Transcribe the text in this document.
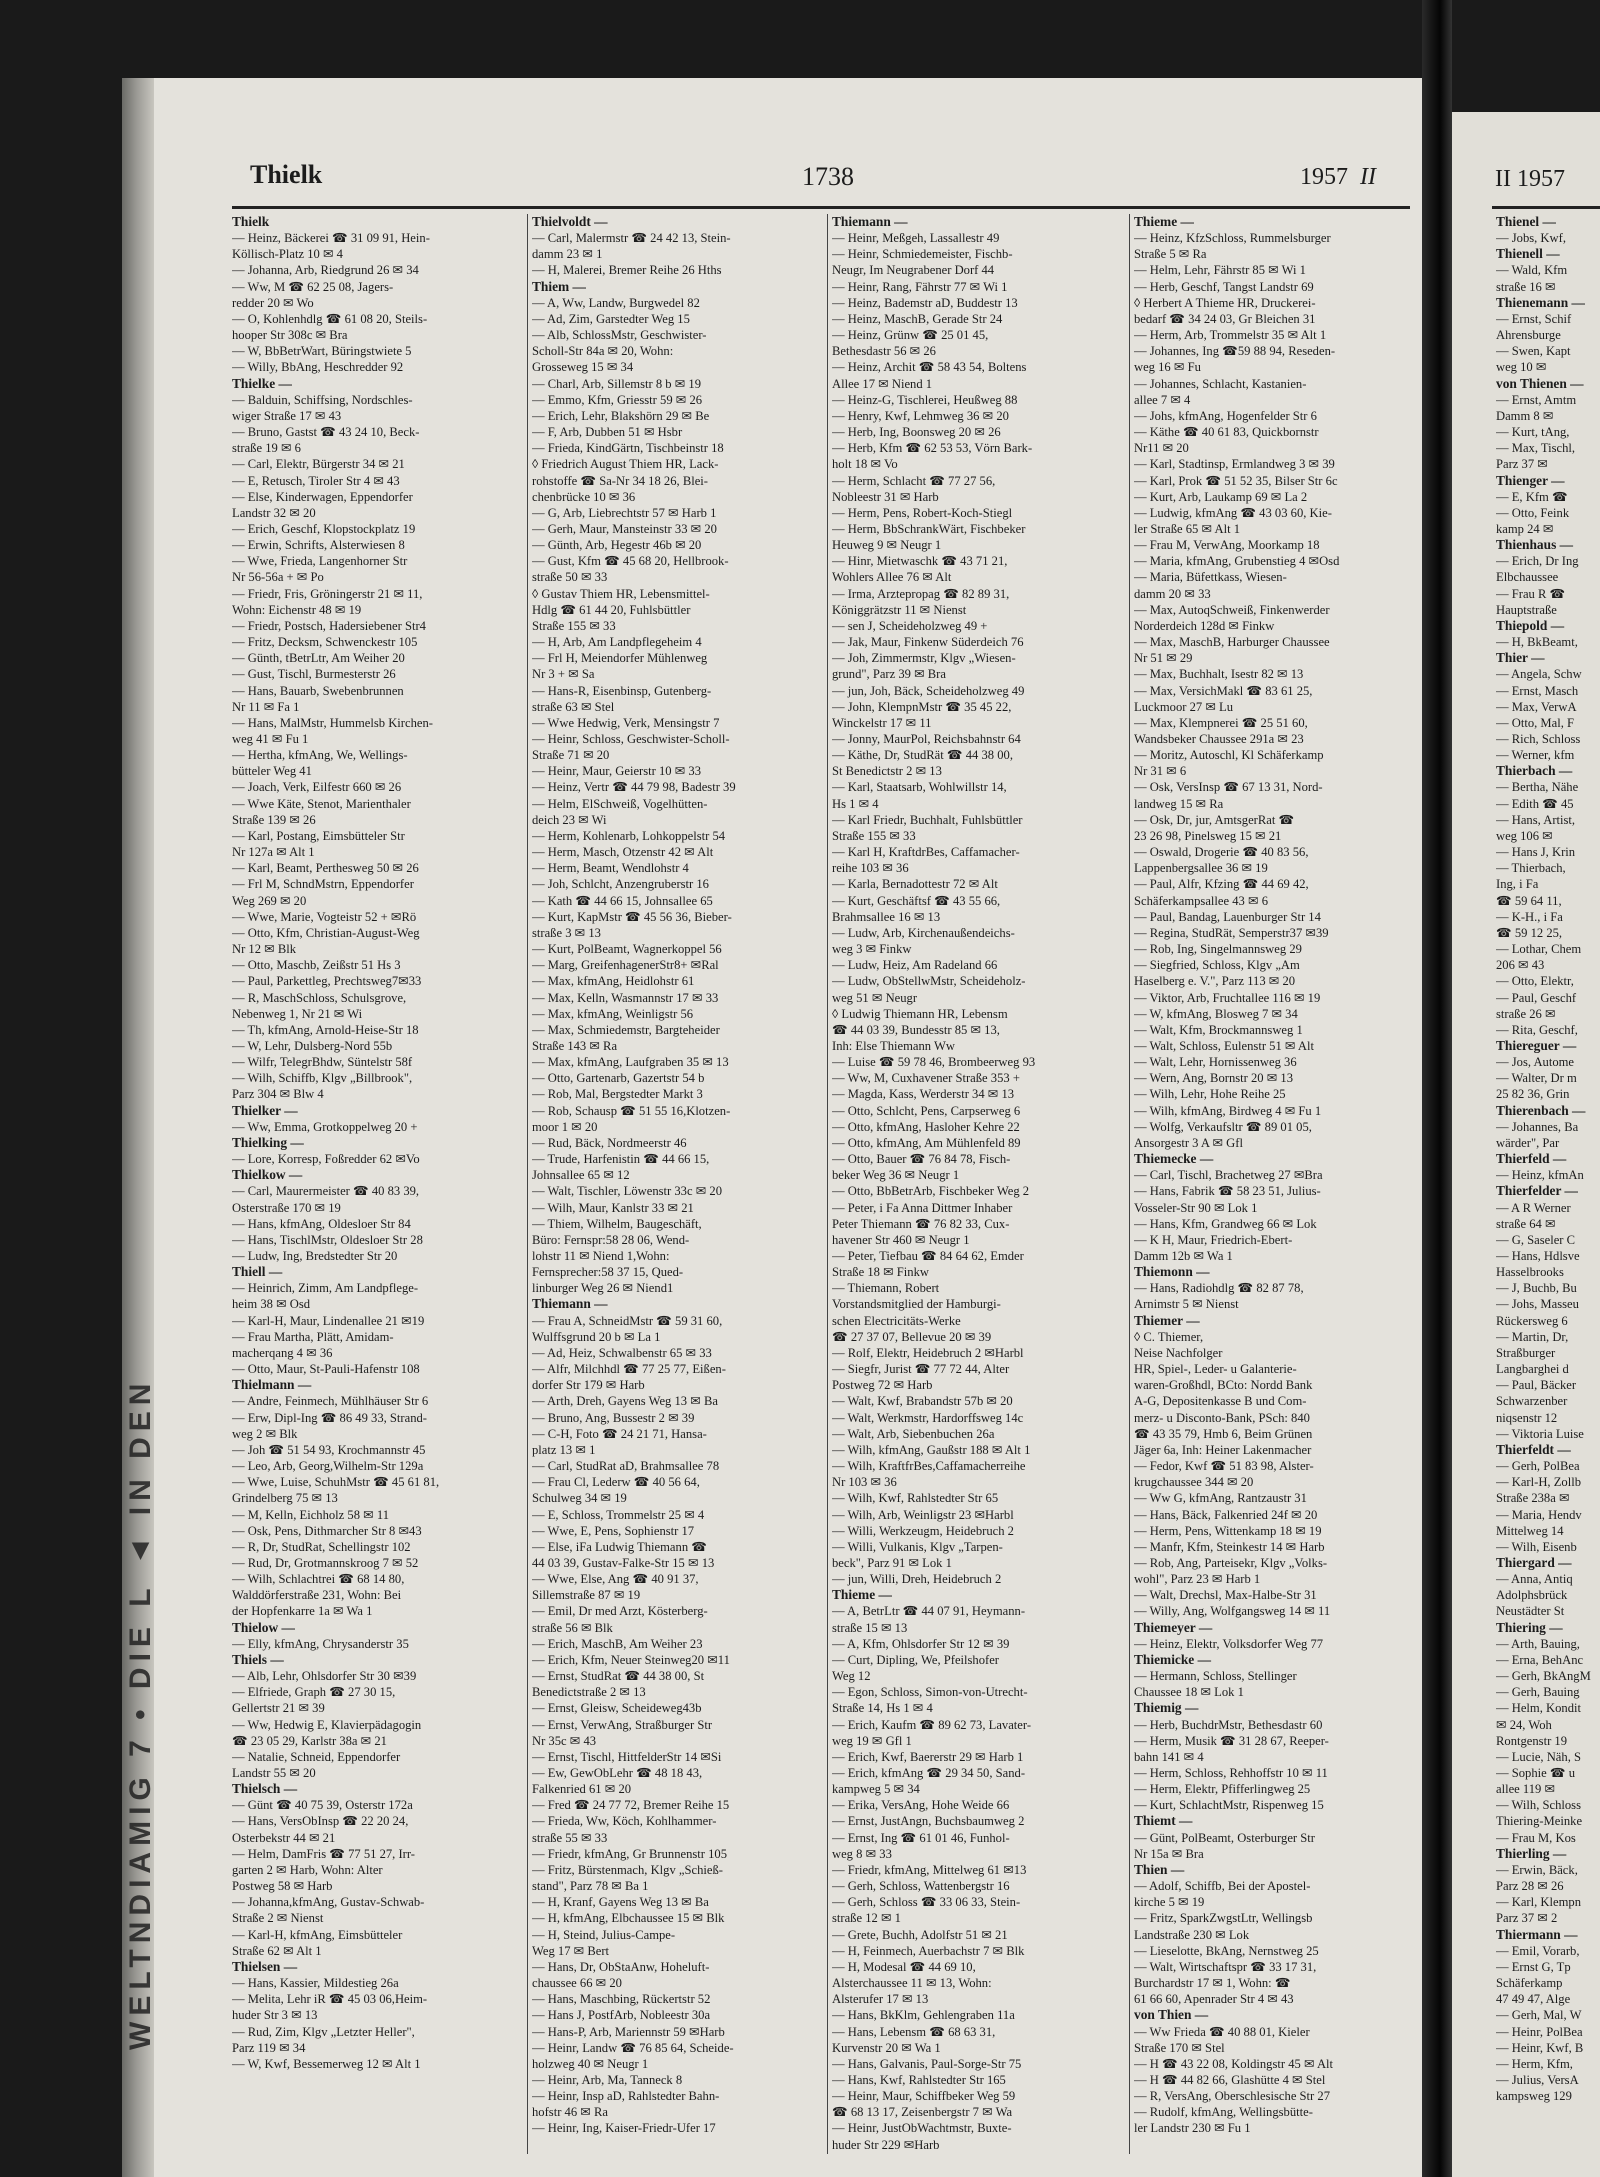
WELTNDIAMIG 7 • DIE L ▲ IN DEN
Thielk	1738	1957 II
Thielk
— Heinz, Bäckerei ☎ 31 09 91, Hein-
Köllisch-Platz 10 ✉ 4
— Johanna, Arb, Riedgrund 26 ✉ 34
— Ww, M ☎ 62 25 08, Jagers-
redder 20 ✉ Wo
— O, Kohlenhdlg ☎ 61 08 20, Steils-
hooper Str 308c ✉ Bra
— W, BbBetrWart, Büringstwiete 5
— Willy, BbAng, Heschredder 92
Thielke —
— Balduin, Schiffsing, Nordschles-
wiger Straße 17 ✉ 43
— Bruno, Gastst ☎ 43 24 10, Beck-
straße 19 ✉ 6
— Carl, Elektr, Bürgerstr 34 ✉ 21
— E, Retusch, Tiroler Str 4 ✉ 43
— Else, Kinderwagen, Eppendorfer
Landstr 32 ✉ 20
— Erich, Geschf, Klopstockplatz 19
— Erwin, Schrifts, Alsterwiesen 8
— Wwe, Frieda, Langenhorner Str
Nr 56-56a + ✉ Po
— Friedr, Fris, Gröningerstr 21 ✉ 11,
Wohn: Eichenstr 48 ✉ 19
— Friedr, Postsch, Hadersiebener Str4
— Fritz, Decksm, Schwenckestr 105
— Günth, tBetrLtr, Am Weiher 20
— Gust, Tischl, Burmesterstr 26
— Hans, Bauarb, Swebenbrunnen
Nr 11 ✉ Fa 1
— Hans, MalMstr, Hummelsb Kirchen-
weg 41 ✉ Fu 1
— Hertha, kfmAng, We, Wellings-
bütteler Weg 41
— Joach, Verk, Eilfestr 660 ✉ 26
— Wwe Käte, Stenot, Marienthaler
Straße 139 ✉ 26
— Karl, Postang, Eimsbütteler Str
Nr 127a ✉ Alt 1
— Karl, Beamt, Perthesweg 50 ✉ 26
— Frl M, SchndMstrn, Eppendorfer
Weg 269 ✉ 20
— Wwe, Marie, Vogteistr 52 + ✉Rö
— Otto, Kfm, Christian-August-Weg
Nr 12 ✉ Blk
— Otto, Maschb, Zeißstr 51 Hs 3
— Paul, Parkettleg, Prechtsweg7✉33
— R, MaschSchloss, Schulsgrove,
Nebenweg 1, Nr 21 ✉ Wi
— Th, kfmAng, Arnold-Heise-Str 18
— W, Lehr, Dulsberg-Nord 55b
— Wilfr, TelegrBhdw, Süntelstr 58f
— Wilh, Schiffb, Klgv „Billbrook",
Parz 304 ✉ Blw 4
Thielker —
— Ww, Emma, Grotkoppelweg 20 +
Thielking —
— Lore, Korresp, Foßredder 62 ✉Vo
Thielkow —
— Carl, Maurermeister ☎ 40 83 39,
Osterstraße 170 ✉ 19
— Hans, kfmAng, Oldesloer Str 84
— Hans, TischlMstr, Oldesloer Str 28
— Ludw, Ing, Bredstedter Str 20
Thiell —
— Heinrich, Zimm, Am Landpflege-
heim 38 ✉ Osd
— Karl-H, Maur, Lindenallee 21 ✉19
— Frau Martha, Plätt, Amidam-
macherqang 4 ✉ 36
— Otto, Maur, St-Pauli-Hafenstr 108
Thielmann —
— Andre, Feinmech, Mühlhäuser Str 6
— Erw, Dipl-Ing ☎ 86 49 33, Strand-
weg 2 ✉ Blk
— Joh ☎ 51 54 93, Krochmannstr 45
— Leo, Arb, Georg,Wilhelm-Str 129a
— Wwe, Luise, SchuhMstr ☎ 45 61 81,
Grindelberg 75 ✉ 13
— M, Kelln, Eichholz 58 ✉ 11
— Osk, Pens, Dithmarcher Str 8 ✉43
— R, Dr, StudRat, Schellingstr 102
— Rud, Dr, Grotmannskroog 7 ✉ 52
— Wilh, Schlachtrei ☎ 68 14 80,
Walddörferstraße 231, Wohn: Bei
der Hopfenkarre 1a ✉ Wa 1
Thielow —
— Elly, kfmAng, Chrysanderstr 35
Thiels —
— Alb, Lehr, Ohlsdorfer Str 30 ✉39
— Elfriede, Graph ☎ 27 30 15,
Gellertstr 21 ✉ 39
— Ww, Hedwig E, Klavierpädagogin
☎ 23 05 29, Karlstr 38a ✉ 21
— Natalie, Schneid, Eppendorfer
Landstr 55 ✉ 20
Thielsch —
— Günt ☎ 40 75 39, Osterstr 172a
— Hans, VersObInsp ☎ 22 20 24,
Osterbekstr 44 ✉ 21
— Helm, DamFris ☎ 77 51 27, Irr-
garten 2 ✉ Harb, Wohn: Alter
Postweg 58 ✉ Harb
— Johanna,kfmAng, Gustav-Schwab-
Straße 2 ✉ Nienst
— Karl-H, kfmAng, Eimsbütteler
Straße 62 ✉ Alt 1
Thielsen —
— Hans, Kassier, Mildestieg 26a
— Melita, Lehr iR ☎ 45 03 06,Heim-
huder Str 3 ✉ 13
— Rud, Zim, Klgv „Letzter Heller",
Parz 119 ✉ 34
— W, Kwf, Bessemerweg 12 ✉ Alt 1
Thielvoldt —
— Carl, Malermstr ☎ 24 42 13, Stein-
damm 23 ✉ 1
— H, Malerei, Bremer Reihe 26 Hths
Thiem —
— A, Ww, Landw, Burgwedel 82
— Ad, Zim, Garstedter Weg 15
— Alb, SchlossMstr, Geschwister-
Scholl-Str 84a ✉ 20, Wohn:
Grosseweg 15 ✉ 34
— Charl, Arb, Sillemstr 8 b ✉ 19
— Emmo, Kfm, Griesstr 59 ✉ 26
— Erich, Lehr, Blakshörn 29 ✉ Be
— F, Arb, Dubben 51 ✉ Hsbr
— Frieda, KindGärtn, Tischbeinstr 18
◊ Friedrich August Thiem HR, Lack-
rohstoffe ☎ Sa-Nr 34 18 26, Blei-
chenbrücke 10 ✉ 36
— G, Arb, Liebrechtstr 57 ✉ Harb 1
— Gerh, Maur, Mansteinstr 33 ✉ 20
— Günth, Arb, Hegestr 46b ✉ 20
— Gust, Kfm ☎ 45 68 20, Hellbrook-
straße 50 ✉ 33
◊ Gustav Thiem HR, Lebensmittel-
Hdlg ☎ 61 44 20, Fuhlsbüttler
Straße 155 ✉ 33
— H, Arb, Am Landpflegeheim 4
— Frl H, Meiendorfer Mühlenweg
Nr 3 + ✉ Sa
— Hans-R, Eisenbinsp, Gutenberg-
straße 63 ✉ Stel
— Wwe Hedwig, Verk, Mensingstr 7
— Heinr, Schloss, Geschwister-Scholl-
Straße 71 ✉ 20
— Heinr, Maur, Geierstr 10 ✉ 33
— Heinz, Vertr ☎ 44 79 98, Badestr 39
— Helm, ElSchweiß, Vogelhütten-
deich 23 ✉ Wi
— Herm, Kohlenarb, Lohkoppelstr 54
— Herm, Masch, Otzenstr 42 ✉ Alt
— Herm, Beamt, Wendlohstr 4
— Joh, Schlcht, Anzengruberstr 16
— Kath ☎ 44 66 15, Johnsallee 65
— Kurt, KapMstr ☎ 45 56 36, Bieber-
straße 3 ✉ 13
— Kurt, PolBeamt, Wagnerkoppel 56
— Marg, GreifenhagenerStr8+ ✉Ral
— Max, kfmAng, Heidlohstr 61
— Max, Kelln, Wasmannstr 17 ✉ 33
— Max, kfmAng, Weinligstr 56
— Max, Schmiedemstr, Bargteheider
Straße 143 ✉ Ra
— Max, kfmAng, Laufgraben 35 ✉ 13
— Otto, Gartenarb, Gazertstr 54 b
— Rob, Mal, Bergstedter Markt 3
— Rob, Schausp ☎ 51 55 16,Klotzen-
moor 1 ✉ 20
— Rud, Bäck, Nordmeerstr 46
— Trude, Harfenistin ☎ 44 66 15,
Johnsallee 65 ✉ 12
— Walt, Tischler, Löwenstr 33c ✉ 20
— Wilh, Maur, Kanlstr 33 ✉ 21
— Thiem, Wilhelm, Baugeschäft,
Büro: Fernspr:58 28 06, Wend-
lohstr 11 ✉ Niend 1,Wohn:
Fernsprecher:58 37 15, Qued-
linburger Weg 26 ✉ Niend1
Thiemann —
— Frau A, SchneidMstr ☎ 59 31 60,
Wulffsgrund 20 b ✉ La 1
— Ad, Heiz, Schwalbenstr 65 ✉ 33
— Alfr, Milchhdl ☎ 77 25 77, Eißen-
dorfer Str 179 ✉ Harb
— Arth, Dreh, Gayens Weg 13 ✉ Ba
— Bruno, Ang, Bussestr 2 ✉ 39
— C-H, Foto ☎ 24 21 71, Hansa-
platz 13 ✉ 1
— Carl, StudRat aD, Brahmsallee 78
— Frau Cl, Lederw ☎ 40 56 64,
Schulweg 34 ✉ 19
— E, Schloss, Trommelstr 25 ✉ 4
— Wwe, E, Pens, Sophienstr 17
— Else, iFa Ludwig Thiemann ☎
44 03 39, Gustav-Falke-Str 15 ✉ 13
— Wwe, Else, Ang ☎ 40 91 37,
Sillemstraße 87 ✉ 19
— Emil, Dr med Arzt, Kösterberg-
straße 56 ✉ Blk
— Erich, MaschB, Am Weiher 23
— Erich, Kfm, Neuer Steinweg20 ✉11
— Ernst, StudRat ☎ 44 38 00, St
Benedictstraße 2 ✉ 13
— Ernst, Gleisw, Scheideweg43b
— Ernst, VerwAng, Straßburger Str
Nr 35c ✉ 43
— Ernst, Tischl, HittfelderStr 14 ✉Si
— Ew, GewObLehr ☎ 48 18 43,
Falkenried 61 ✉ 20
— Fred ☎ 24 77 72, Bremer Reihe 15
— Frieda, Ww, Köch, Kohlhammer-
straße 55 ✉ 33
— Friedr, kfmAng, Gr Brunnenstr 105
— Fritz, Bürstenmach, Klgv „Schieß-
stand", Parz 78 ✉ Ba 1
— H, Kranf, Gayens Weg 13 ✉ Ba
— H, kfmAng, Elbchaussee 15 ✉ Blk
— H, Steind, Julius-Campe-
Weg 17 ✉ Bert
— Hans, Dr, ObStaAnw, Hoheluft-
chaussee 66 ✉ 20
— Hans, Maschbing, Rückertstr 52
— Hans J, PostfArb, Nobleestr 30a
— Hans-P, Arb, Mariennstr 59 ✉Harb
— Heinr, Landw ☎ 76 85 64, Scheide-
holzweg 40 ✉ Neugr 1
— Heinr, Arb, Ma, Tanneck 8
— Heinr, Insp aD, Rahlstedter Bahn-
hofstr 46 ✉ Ra
— Heinr, Ing, Kaiser-Friedr-Ufer 17
Thiemann —
— Heinr, Meßgeh, Lassallestr 49
— Heinr, Schmiedemeister, Fischb-
Neugr, Im Neugrabener Dorf 44
— Heinr, Rang, Fährstr 77 ✉ Wi 1
— Heinz, Bademstr aD, Buddestr 13
— Heinz, MaschB, Gerade Str 24
— Heinz, Grünw ☎ 25 01 45,
Bethesdastr 56 ✉ 26
— Heinz, Archit ☎ 58 43 54, Boltens
Allee 17 ✉ Niend 1
— Heinz-G, Tischlerei, Heußweg 88
— Henry, Kwf, Lehmweg 36 ✉ 20
— Herb, Ing, Boonsweg 20 ✉ 26
— Herb, Kfm ☎ 62 53 53, Vörn Bark-
holt 18 ✉ Vo
— Herm, Schlacht ☎ 77 27 56,
Nobleestr 31 ✉ Harb
— Herm, Pens, Robert-Koch-Stiegl
— Herm, BbSchrankWärt, Fischbeker
Heuweg 9 ✉ Neugr 1
— Hinr, Mietwaschk ☎ 43 71 21,
Wohlers Allee 76 ✉ Alt
— Irma, Arztepropag ☎ 82 89 31,
Königgrätzstr 11 ✉ Nienst
— sen J, Scheideholzweg 49 +
— Jak, Maur, Finkenw Süderdeich 76
— Joh, Zimmermstr, Klgv „Wiesen-
grund", Parz 39 ✉ Bra
— jun, Joh, Bäck, Scheideholzweg 49
— John, KlempnMstr ☎ 35 45 22,
Winckelstr 17 ✉ 11
— Jonny, MaurPol, Reichsbahnstr 64
— Käthe, Dr, StudRät ☎ 44 38 00,
St Benedictstr 2 ✉ 13
— Karl, Staatsarb, Wohlwillstr 14,
Hs 1 ✉ 4
— Karl Friedr, Buchhalt, Fuhlsbüttler
Straße 155 ✉ 33
— Karl H, KraftdrBes, Caffamacher-
reihe 103 ✉ 36
— Karla, Bernadottestr 72 ✉ Alt
— Kurt, Geschäftsf ☎ 43 55 66,
Brahmsallee 16 ✉ 13
— Ludw, Arb, Kirchenaußendeichs-
weg 3 ✉ Finkw
— Ludw, Heiz, Am Radeland 66
— Ludw, ObStellwMstr, Scheideholz-
weg 51 ✉ Neugr
◊ Ludwig Thiemann HR, Lebensm
☎ 44 03 39, Bundesstr 85 ✉ 13,
Inh: Else Thiemann Ww
— Luise ☎ 59 78 46, Brombeerweg 93
— Ww, M, Cuxhavener Straße 353 +
— Magda, Kass, Werderstr 34 ✉ 13
— Otto, Schlcht, Pens, Carpserweg 6
— Otto, kfmAng, Hasloher Kehre 22
— Otto, kfmAng, Am Mühlenfeld 89
— Otto, Bauer ☎ 76 84 78, Fisch-
beker Weg 36 ✉ Neugr 1
— Otto, BbBetrArb, Fischbeker Weg 2
— Peter, i Fa Anna Dittmer Inhaber
Peter Thiemann ☎ 76 82 33, Cux-
havener Str 460 ✉ Neugr 1
— Peter, Tiefbau ☎ 84 64 62, Emder
Straße 18 ✉ Finkw
— Thiemann, Robert
Vorstandsmitglied der Hamburgi-
schen Electricitäts-Werke
☎ 27 37 07, Bellevue 20 ✉ 39
— Rolf, Elektr, Heidebruch 2 ✉Harbl
— Siegfr, Jurist ☎ 77 72 44, Alter
Postweg 72 ✉ Harb
— Walt, Kwf, Brabandstr 57b ✉ 20
— Walt, Werkmstr, Hardorffsweg 14c
— Walt, Arb, Siebenbuchen 26a
— Wilh, kfmAng, Gaußstr 188 ✉ Alt 1
— Wilh, KraftfrBes,Caffamacherreihe
Nr 103 ✉ 36
— Wilh, Kwf, Rahlstedter Str 65
— Wilh, Arb, Weinligstr 23 ✉Harbl
— Willi, Werkzeugm, Heidebruch 2
— Willi, Vulkanis, Klgv „Tarpen-
beck", Parz 91 ✉ Lok 1
— jun, Willi, Dreh, Heidebruch 2
Thieme —
— A, BetrLtr ☎ 44 07 91, Heymann-
straße 15 ✉ 13
— A, Kfm, Ohlsdorfer Str 12 ✉ 39
— Curt, Dipling, We, Pfeilshofer
Weg 12
— Egon, Schloss, Simon-von-Utrecht-
Straße 14, Hs 1 ✉ 4
— Erich, Kaufm ☎ 89 62 73, Lavater-
weg 19 ✉ Gfl 1
— Erich, Kwf, Baererstr 29 ✉ Harb 1
— Erich, kfmAng ☎ 29 34 50, Sand-
kampweg 5 ✉ 34
— Erika, VersAng, Hohe Weide 66
— Ernst, JustAngn, Buchsbaumweg 2
— Ernst, Ing ☎ 61 01 46, Funhol-
weg 8 ✉ 33
— Friedr, kfmAng, Mittelweg 61 ✉13
— Gerh, Schloss, Wattenbergstr 16
— Gerh, Schloss ☎ 33 06 33, Stein-
straße 12 ✉ 1
— Grete, Buchh, Adolfstr 51 ✉ 21
— H, Feinmech, Auerbachstr 7 ✉ Blk
— H, Modesal ☎ 44 69 10,
Alsterchaussee 11 ✉ 13, Wohn:
Alsterufer 17 ✉ 13
— Hans, BkKlm, Gehlengraben 11a
— Hans, Lebensm ☎ 68 63 31,
Kurvenstr 20 ✉ Wa 1
— Hans, Galvanis, Paul-Sorge-Str 75
— Hans, Kwf, Rahlstedter Str 165
— Heinr, Maur, Schiffbeker Weg 59
☎ 68 13 17, Zeisenbergstr 7 ✉ Wa
— Heinr, JustObWachtmstr, Buxte-
huder Str 229 ✉Harb
Thieme —
— Heinz, KfzSchloss, Rummelsburger
Straße 5 ✉ Ra
— Helm, Lehr, Fährstr 85 ✉ Wi 1
— Herb, Geschf, Tangst Landstr 69
◊ Herbert A Thieme HR, Druckerei-
bedarf ☎ 34 24 03, Gr Bleichen 31
— Herm, Arb, Trommelstr 35 ✉ Alt 1
— Johannes, Ing ☎59 88 94, Reseden-
weg 16 ✉ Fu
— Johannes, Schlacht, Kastanien-
allee 7 ✉ 4
— Johs, kfmAng, Hogenfelder Str 6
— Käthe ☎ 40 61 83, Quickbornstr
Nr11 ✉ 20
— Karl, Stadtinsp, Ermlandweg 3 ✉ 39
— Karl, Prok ☎ 51 52 35, Bilser Str 6c
— Kurt, Arb, Laukamp 69 ✉ La 2
— Ludwig, kfmAng ☎ 43 03 60, Kie-
ler Straße 65 ✉ Alt 1
— Frau M, VerwAng, Moorkamp 18
— Maria, kfmAng, Grubenstieg 4 ✉Osd
— Maria, Büfettkass, Wiesen-
damm 20 ✉ 33
— Max, AutoqSchweiß, Finkenwerder
Norderdeich 128d ✉ Finkw
— Max, MaschB, Harburger Chaussee
Nr 51 ✉ 29
— Max, Buchhalt, Isestr 82 ✉ 13
— Max, VersichMakl ☎ 83 61 25,
Luckmoor 27 ✉ Lu
— Max, Klempnerei ☎ 25 51 60,
Wandsbeker Chaussee 291a ✉ 23
— Moritz, Autoschl, Kl Schäferkamp
Nr 31 ✉ 6
— Osk, VersInsp ☎ 67 13 31, Nord-
landweg 15 ✉ Ra
— Osk, Dr, jur, AmtsgerRat ☎
23 26 98, Pinelsweg 15 ✉ 21
— Oswald, Drogerie ☎ 40 83 56,
Lappenbergsallee 36 ✉ 19
— Paul, Alfr, Kfzing ☎ 44 69 42,
Schäferkampsallee 43 ✉ 6
— Paul, Bandag, Lauenburger Str 14
— Regina, StudRät, Semperstr37 ✉39
— Rob, Ing, Singelmannsweg 29
— Siegfried, Schloss, Klgv „Am
Haselberg e. V.", Parz 113 ✉ 20
— Viktor, Arb, Fruchtallee 116 ✉ 19
— W, kfmAng, Blosweg 7 ✉ 34
— Walt, Kfm, Brockmannsweg 1
— Walt, Schloss, Eulenstr 51 ✉ Alt
— Walt, Lehr, Hornissenweg 36
— Wern, Ang, Bornstr 20 ✉ 13
— Wilh, Lehr, Hohe Reihe 25
— Wilh, kfmAng, Birdweg 4 ✉ Fu 1
— Wolfg, Verkaufsltr ☎ 89 01 05,
Ansorgestr 3 A ✉ Gfl
Thiemecke —
— Carl, Tischl, Brachetweg 27 ✉Bra
— Hans, Fabrik ☎ 58 23 51, Julius-
Vosseler-Str 90 ✉ Lok 1
— Hans, Kfm, Grandweg 66 ✉ Lok
— K H, Maur, Friedrich-Ebert-
Damm 12b ✉ Wa 1
Thiemonn —
— Hans, Radiohdlg ☎ 82 87 78,
Arnimstr 5 ✉ Nienst
Thiemer —
◊ C. Thiemer,
Neise Nachfolger
HR, Spiel-, Leder- u Galanterie-
waren-Großhdl, BCto: Nordd Bank
A-G, Depositenkasse B und Com-
merz- u Disconto-Bank, PSch: 840
☎ 43 35 79, Hmb 6, Beim Grünen
Jäger 6a, Inh: Heiner Lakenmacher
— Fedor, Kwf ☎ 51 83 98, Alster-
krugchaussee 344 ✉ 20
— Ww G, kfmAng, Rantzaustr 31
— Hans, Bäck, Falkenried 24f ✉ 20
— Herm, Pens, Wittenkamp 18 ✉ 19
— Manfr, Kfm, Steinkestr 14 ✉ Harb
— Rob, Ang, Parteisekr, Klgv „Volks-
wohl", Parz 23 ✉ Harb 1
— Walt, Drechsl, Max-Halbe-Str 31
— Willy, Ang, Wolfgangsweg 14 ✉ 11
Thiemeyer —
— Heinz, Elektr, Volksdorfer Weg 77
Thiemicke —
— Hermann, Schloss, Stellinger
Chaussee 18 ✉ Lok 1
Thiemig —
— Herb, BuchdrMstr, Bethesdastr 60
— Herm, Musik ☎ 31 28 67, Reeper-
bahn 141 ✉ 4
— Herm, Schloss, Rehhoffstr 10 ✉ 11
— Herm, Elektr, Pfifferlingweg 25
— Kurt, SchlachtMstr, Rispenweg 15
Thiemt —
— Günt, PolBeamt, Osterburger Str
Nr 15a ✉ Bra
Thien —
— Adolf, Schiffb, Bei der Apostel-
kirche 5 ✉ 19
— Fritz, SparkZwgstLtr, Wellingsb
Landstraße 230 ✉ Lok
— Lieselotte, BkAng, Nernstweg 25
— Walt, Wirtschaftspr ☎ 33 17 31,
Burchardstr 17 ✉ 1, Wohn: ☎
61 66 60, Apenrader Str 4 ✉ 43
von Thien —
— Ww Frieda ☎ 40 88 01, Kieler
Straße 170 ✉ Stel
— H ☎ 43 22 08, Koldingstr 45 ✉ Alt
— H ☎ 44 82 66, Glashütte 4 ✉ Stel
— R, VersAng, Oberschlesische Str 27
— Rudolf, kfmAng, Wellingsbütte-
ler Landstr 230 ✉ Fu 1
II 1957
Thienel —
— Jobs, Kwf,
Thienell —
— Wald, Kfm
straße 16 ✉
Thienemann —
— Ernst, Schif
Ahrensburge
— Swen, Kapt
weg 10 ✉
von Thienen —
— Ernst, Amtm
Damm 8 ✉
— Kurt, tAng,
— Max, Tischl,
Parz 37 ✉
Thienger —
— E, Kfm ☎
— Otto, Feink
kamp 24 ✉
Thienhaus —
— Erich, Dr Ing
Elbchaussee
— Frau R ☎
Hauptstraße
Thiepold —
— H, BkBeamt,
Thier —
— Angela, Schw
— Ernst, Masch
— Max, VerwA
— Otto, Mal, F
— Rich, Schloss
— Werner, kfm
Thierbach —
— Bertha, Nähe
— Edith ☎ 45
— Hans, Artist,
weg 106 ✉
— Hans J, Krin
— Thierbach,
Ing, i Fa
☎ 59 64 11,
— K-H., i Fa
☎ 59 12 25,
— Lothar, Chem
206 ✉ 43
— Otto, Elektr,
— Paul, Geschf
straße 26 ✉
— Rita, Geschf,
Thiereguer —
— Jos, Autome
— Walter, Dr m
25 82 36, Grin
Thierenbach —
— Johannes, Ba
wärder", Par
Thierfeld —
— Heinz, kfmAn
Thierfelder —
— A R Werner
straße 64 ✉
— G, Saseler C
— Hans, Hdlsve
Hasselbrooks
— J, Buchb, Bu
— Johs, Masseu
Rückersweg 6
— Martin, Dr,
Straßburger
Langbarghei d
— Paul, Bäcker
Schwarzenber
niqsenstr 12
— Viktoria Luise
Thierfeldt —
— Gerh, PolBea
— Karl-H, Zollb
Straße 238a ✉
— Maria, Hendv
Mittelweg 14
— Wilh, Eisenb
Thiergard —
— Anna, Antiq
Adolphsbrück
Neustädter St
Thiering —
— Arth, Bauing,
— Erna, BehAnc
— Gerh, BkAngM
— Gerh, Bauing
— Helm, Kondit
✉ 24, Woh
Rontgenstr 19
— Lucie, Näh, S
— Sophie ☎ u
allee 119 ✉
— Wilh, Schloss
Thiering-Meinke
— Frau M, Kos
Thierling —
— Erwin, Bäck,
Parz 28 ✉ 26
— Karl, Klempn
Parz 37 ✉ 2
Thiermann —
— Emil, Vorarb,
— Ernst G, Tp
Schäferkamp
47 49 47, Alge
— Gerh, Mal, W
— Heinr, PolBea
— Heinr, Kwf, B
— Herm, Kfm,
— Julius, VersA
kampsweg 129
